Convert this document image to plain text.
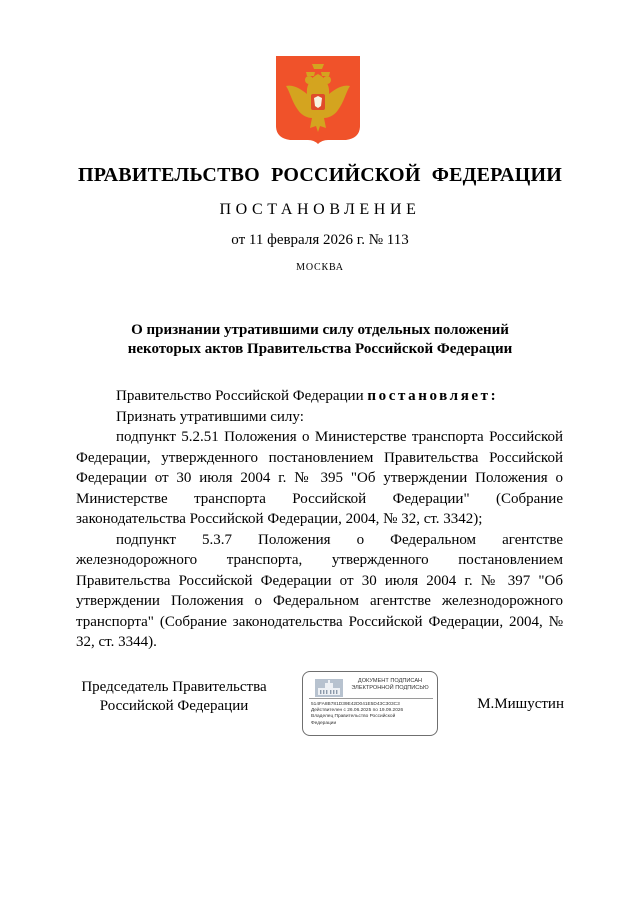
ПРАВИТЕЛЬСТВО РОССИЙСКОЙ ФЕДЕРАЦИИ
ПОСТАНОВЛЕНИЕ
от 11 февраля 2026 г. № 113
МОСКВА
О признании утратившими силу отдельных положений
некоторых актов Правительства Российской Федерации

Правительство Российской Федерации постановляет:

Признать утратившими силу:

подпункт 5.2.51 Положения о Министерстве транспорта Российской Федерации, утвержденного постановлением Правительства Российской Федерации от 30 июля 2004 г. № 395 "Об утверждении Положения о Министерстве транспорта Российской Федерации" (Собрание законодательства Российской Федерации, 2004, № 32, ст. 3342);

подпункт 5.3.7 Положения о Федеральном агентстве железнодорожного транспорта, утвержденного постановлением Правительства Российской Федерации от 30 июля 2004 г. № 397 "Об утверждении Положения о Федеральном агентстве железнодорожного транспорта" (Собрание законодательства Российской Федерации, 2004, № 32, ст. 3344).

Председатель Правительства
Российской Федерации
ДОКУМЕНТ ПОДПИСАН
ЭЛЕКТРОННОЙ ПОДПИСЬЮ
514FA8B781D39E42D041E5D43C303C3
Действителен с 26.06.2025 по 19.09.2026
Владелец Правительство Российской
Федерации
М.Мишустин
